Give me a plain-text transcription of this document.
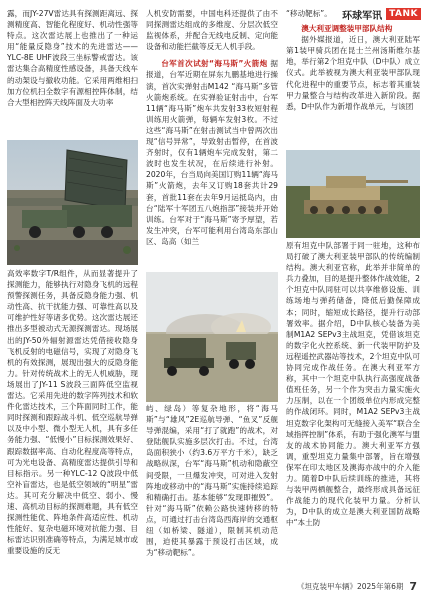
环球军讯 TANK

露，而JY-27V雷达具有探测距离远、探测精度高、智能化程度好、机动性强等特点。这次雷达展上也推出了一种运用“能量反隐身”技术的先进雷达——YLC-8E UHF波段三坐标警戒雷达。该雷达集合高精度性感设备，具备天线车的动架设与撤收功能。它采用两维相扫加方位机扫全数字有源相控阵体制，结合大型相控阵天线阵面及大功率

高效率数字T/R组件，从而显著提升了探测能力，能够执行对隐身飞机的远程预警探测任务，具备反隐身能力强、机动性高、抗干扰能力强、可靠性高以及可维护性好等诸多优势。这次雷达展还推出多型被动式无源探测雷达。现场展出的JY-50外辐射源雷达凭借接收隐身飞机反射的电磁信号，实现了对隐身飞机的有效探测，展现出强大的反隐身能力。针对传统战术上的无人机威胁，现场展出了JY-11 S波段三面阵低空监视雷达。它采用先进的数字阵列技术和软件化雷达技术，三个阵面同时工作，能同时探测和跟踪战斗机、低空巡航导弹以及中小型、微小型无人机，具有多任务能力强、“低慢小”目标探测效果好、跟踪数据率高、自动化程度高等特点，可为光电设备、高精度雷达提供引导和目标指示。另一种YLC-12 Q波段中低空补盲雷达，也是低空领域的“明星”雷达。其可充分解决中低空、弱小、慢速、高机动目标的探测难题，具有低空探测性能优、阵地条件高适应性、机动性能好、复杂电磁环境对抗能力强、目标雷达识别准确等特点，为满足城市或重要设施的反无

人机安防需要，中国电科还提供了由不同探测雷达组成的多维度、分层次低空监视体系，并配合无线电反制、定向能设备和动能拦截等反无人机手段。

台军首次试射“海马斯”火箭炮 据报道，台军近期在屏东九鹏基地进行操演，首次实弹射击M142 “海马斯”多管火箭炮系统。在实弹验证射击中，台军11辆“海马斯”炮车共发射33枚短射程训练用火箭弹，每辆车发射3枚。不过这些“海马斯”在射击测试当中曾两次出现“信号异常”，导致射击暂停，在首波齐射时，仅有1辆炮车完成发射，第二波时也发生状况，在后续进行补射。2020年，台当局向美国订购11辆“海马斯”火箭炮，去年又订购18套共计29套，首批11套在去年9月运抵岛内，由台“陆军十军团五八炮指部”接装并开始训练。台军对于“海马斯”寄予厚望，若发生冲突，台军可能利用台湾岛东部山区、岛高（如兰

屿、绿岛）等复杂地形，将“海马斯”与“雄风”2E巡航导弹、“鱼叉”反舰导弹混编，采用“打了就跑”的战术，对登陆舰队实施多层次打击。不过，台湾岛面积狭小（约3.6万平方千米），缺乏战略纵深，台军“海马斯”机动和隐蔽空间受限，一旦爆发冲突，可对进入发射阵地或移动中的“海马斯”实施持续追踪和精确打击。基本能够“发现即摧毁”。针对“海马斯”依赖公路快速转移的特点，可通过打击台湾岛西海岸的交通枢纽（如桥梁、隧道），限制其机动范围，迫使其暴露于预设打击区域，成为“移动靶标”。

“移动靶标”。

澳大利亚调整装甲部队结构

据外媒报道，近日，澳大利亚陆军第1装甲骑兵团在昆士兰州汤斯维尔基地，举行第2个坦克中队（D中队）成立仪式。此举被视为澳大利亚装甲部队现代化进程中的重要节点，标志着其重装甲力量整合与结构改革进入新阶段。据悉，D中队作为新增作战单元，与该团

原有坦克中队部署于同一驻地，这种布局打破了澳大利亚装甲部队的传统编制结构。澳大利亚官称，此举并非简单的兵力叠加，目的是提升整体作战效能，2个坦克中队同驻可以共享维修设施、训练场地与弹药储备，降低后勤保障成本；同时，缩短成长路径，提升行动部署效率。据介绍，D中队核心装备为美制M1A2 SEPv3主战坦克，凭借该坦克的数字化火控系统、新一代装甲防护及远程遥控武器站等技术，2个坦克中队可协同完成作战任务。在澳大利亚军方称，其中一个坦克中队执行高强度战备值班任务，另一个作为突击力量实施火力压制，以在一个团级单位内形成完整的作战闭环。同时，M1A2 SEPv3主战坦克数字化架构可无缝接入美军“联合全域指挥控制”体系，有助于强化澳军与盟友的战术协同能力。澳大利亚军方强调，重型坦克力量集中部署，旨在增强保军在印太地区及澳海亦战中的介入能力。随着D中队后续训练的推进，其将与装甲两栖舰整合，最终形成具备远征作战能力的现代化装甲力量。分析认为，D中队的成立是澳大利亚国防战略中“本土防

《坦克装甲车辆》2025年第6期 7
